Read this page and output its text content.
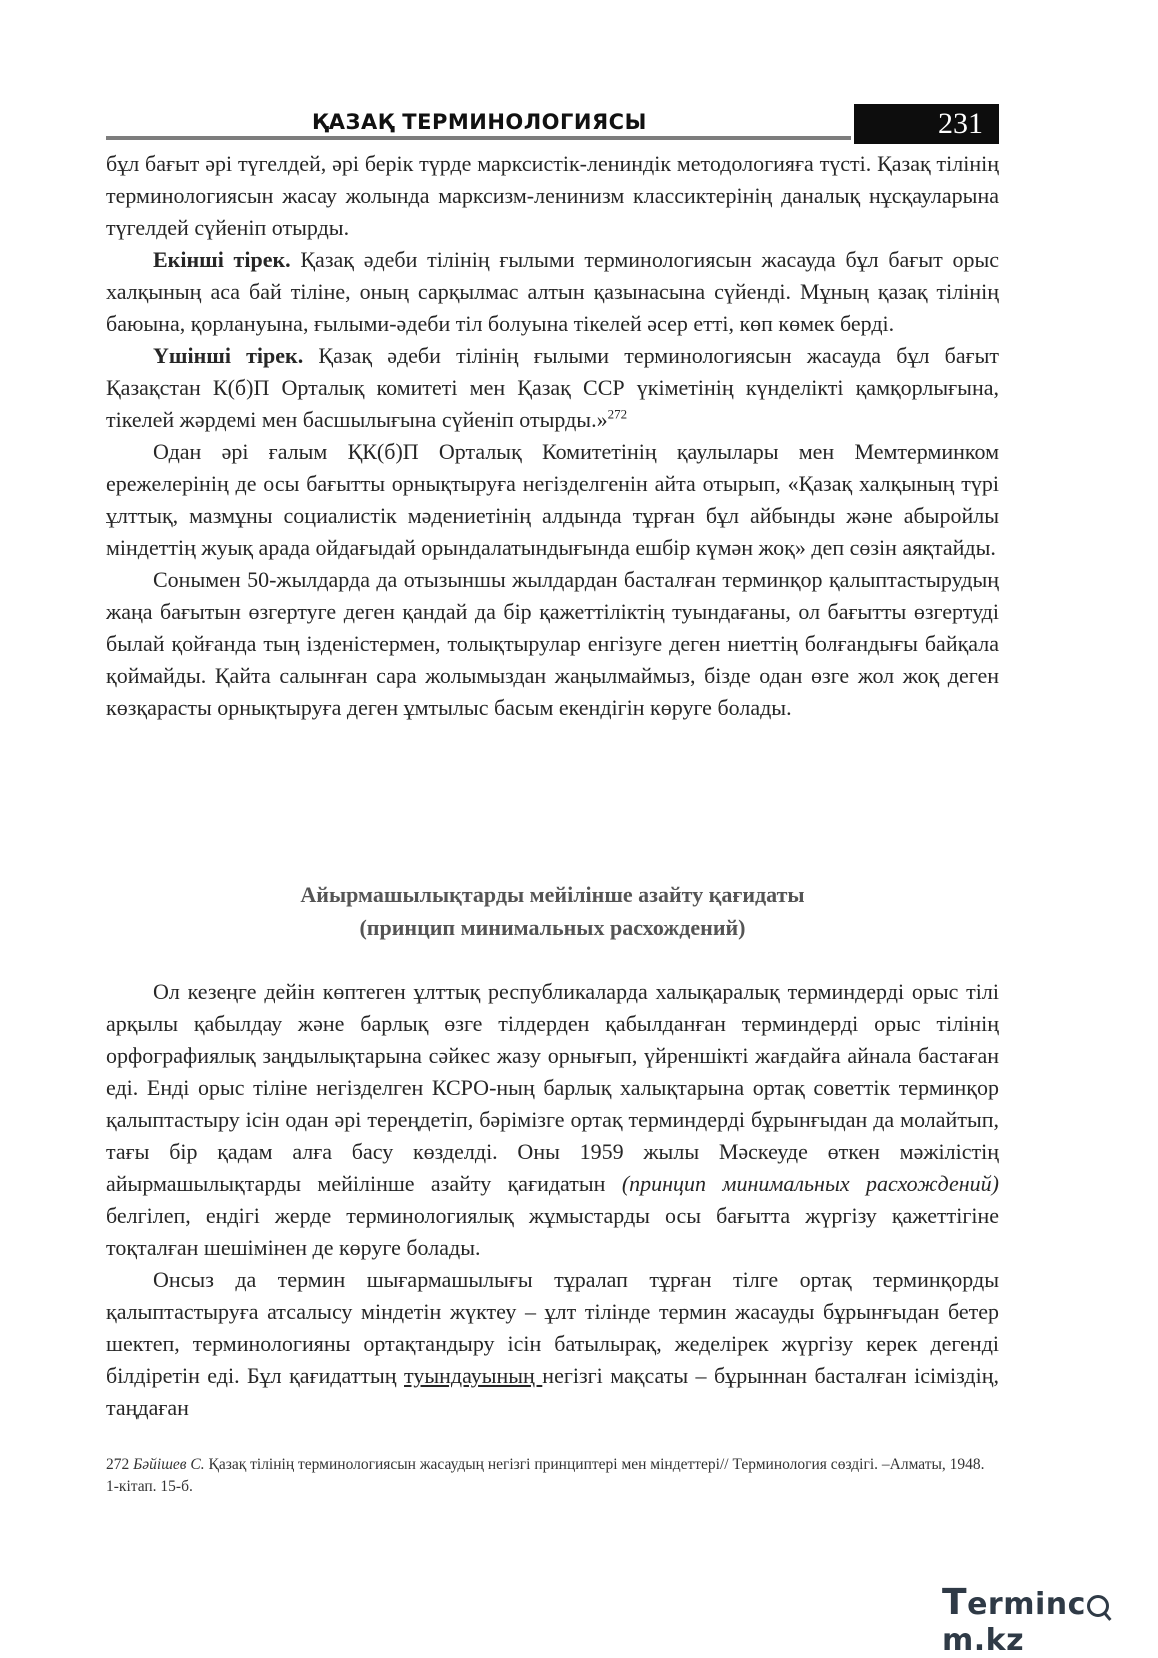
ҚАЗАҚ ТЕРМИНОЛОГИЯСЫ	231

бұл бағыт әрі түгелдей, әрі берік түрде марксистік-лениндік методологияға түсті. Қазақ тілінің терминологиясын жасау жолында марксизм-ленинизм классиктерінің даналық нұсқауларына түгелдей сүйеніп отырды.

Екінші тірек. Қазақ әдеби тілінің ғылыми терминологиясын жасауда бұл бағыт орыс халқының аса бай тіліне, оның сарқылмас алтын қазынасына сүйенді. Мұның қазақ тілінің баюына, қорлануына, ғылыми-әдеби тіл болуына тікелей әсер етті, көп көмек берді.

Үшінші тірек. Қазақ әдеби тілінің ғылыми терминологиясын жасауда бұл бағыт Қазақстан К(б)П Орталық комитеті мен Қазақ ССР үкіметінің күнделікті қамқорлығына, тікелей жәрдемі мен басшылығына сүйеніп отырды.»$^{272}$

Одан әрі ғалым ҚК(б)П Орталық Комитетінің қаулылары мен Мемтерминком ережелерінің де осы бағытты орнықтыруға негізделгенін айта отырып, «Қазақ халқының түрі ұлттық, мазмұны социалистік мәдениетінің алдында тұрған бұл айбынды және абыройлы міндеттің жуық арада ойдағыдай орындалатындығында ешбір күмән жоқ» деп сөзін аяқтайды.

Сонымен 50-жылдарда да отызыншы жылдардан басталған терминқор қалыптастырудың жаңа бағытын өзгертуге деген қандай да бір қажеттіліктің туындағаны, ол бағытты өзгертуді былай қойғанда тың ізденістермен, толықтырулар енгізуге деген ниеттің болғандығы байқала қоймайды. Қайта салынған сара жолымыздан жаңылмаймыз, бізде одан өзге жол жоқ деген көзқарасты орнықтыруға деген ұмтылыс басым екендігін көруге болады.

Айырмашылықтарды мейілінше азайту қағидаты
(принцип минимальных расхождений)

Ол кезеңге дейін көптеген ұлттық республикаларда халықаралық терминдерді орыс тілі арқылы қабылдау және барлық өзге тілдерден қабылданған терминдерді орыс тілінің орфографиялық заңдылықтарына сәйкес жазу орнығып, үйреншікті жағдайға айнала бастаған еді. Енді орыс тіліне негізделген КСРО-ның барлық халықтарына ортақ советтік терминқор қалыптастыру ісін одан әрі тереңдетіп, бәрімізге ортақ терминдерді бұрынғыдан да молайтып, тағы бір қадам алға басу көзделді. Оны 1959 жылы Мәскеуде өткен мәжілістің айырмашылықтарды мейілінше азайту қағидатын (принцип минимальных расхождений) белгілеп, ендігі жерде терминологиялық жұмыстарды осы бағытта жүргізу қажеттігіне тоқталған шешімінен де көруге болады.

Онсыз да термин шығармашылығы тұралап тұрған тілге ортақ терминқорды қалыптастыруға атсалысу міндетін жүктеу – ұлт тілінде термин жасауды бұрынғыдан бетер шектеп, терминологияны ортақтандыру ісін батылырақ, жеделірек жүргізу керек дегенді білдіретін еді. Бұл қағидаттың туындауының негізгі мақсаты – бұрыннан басталған ісіміздің, таңдаған

272 Бәйішев С. Қазақ тілінің терминологиясын жасаудың негізгі принциптері мен міндеттері// Терминология сөздігі. –Алматы, 1948. 1-кітап. 15-б.
Termincm.kz
